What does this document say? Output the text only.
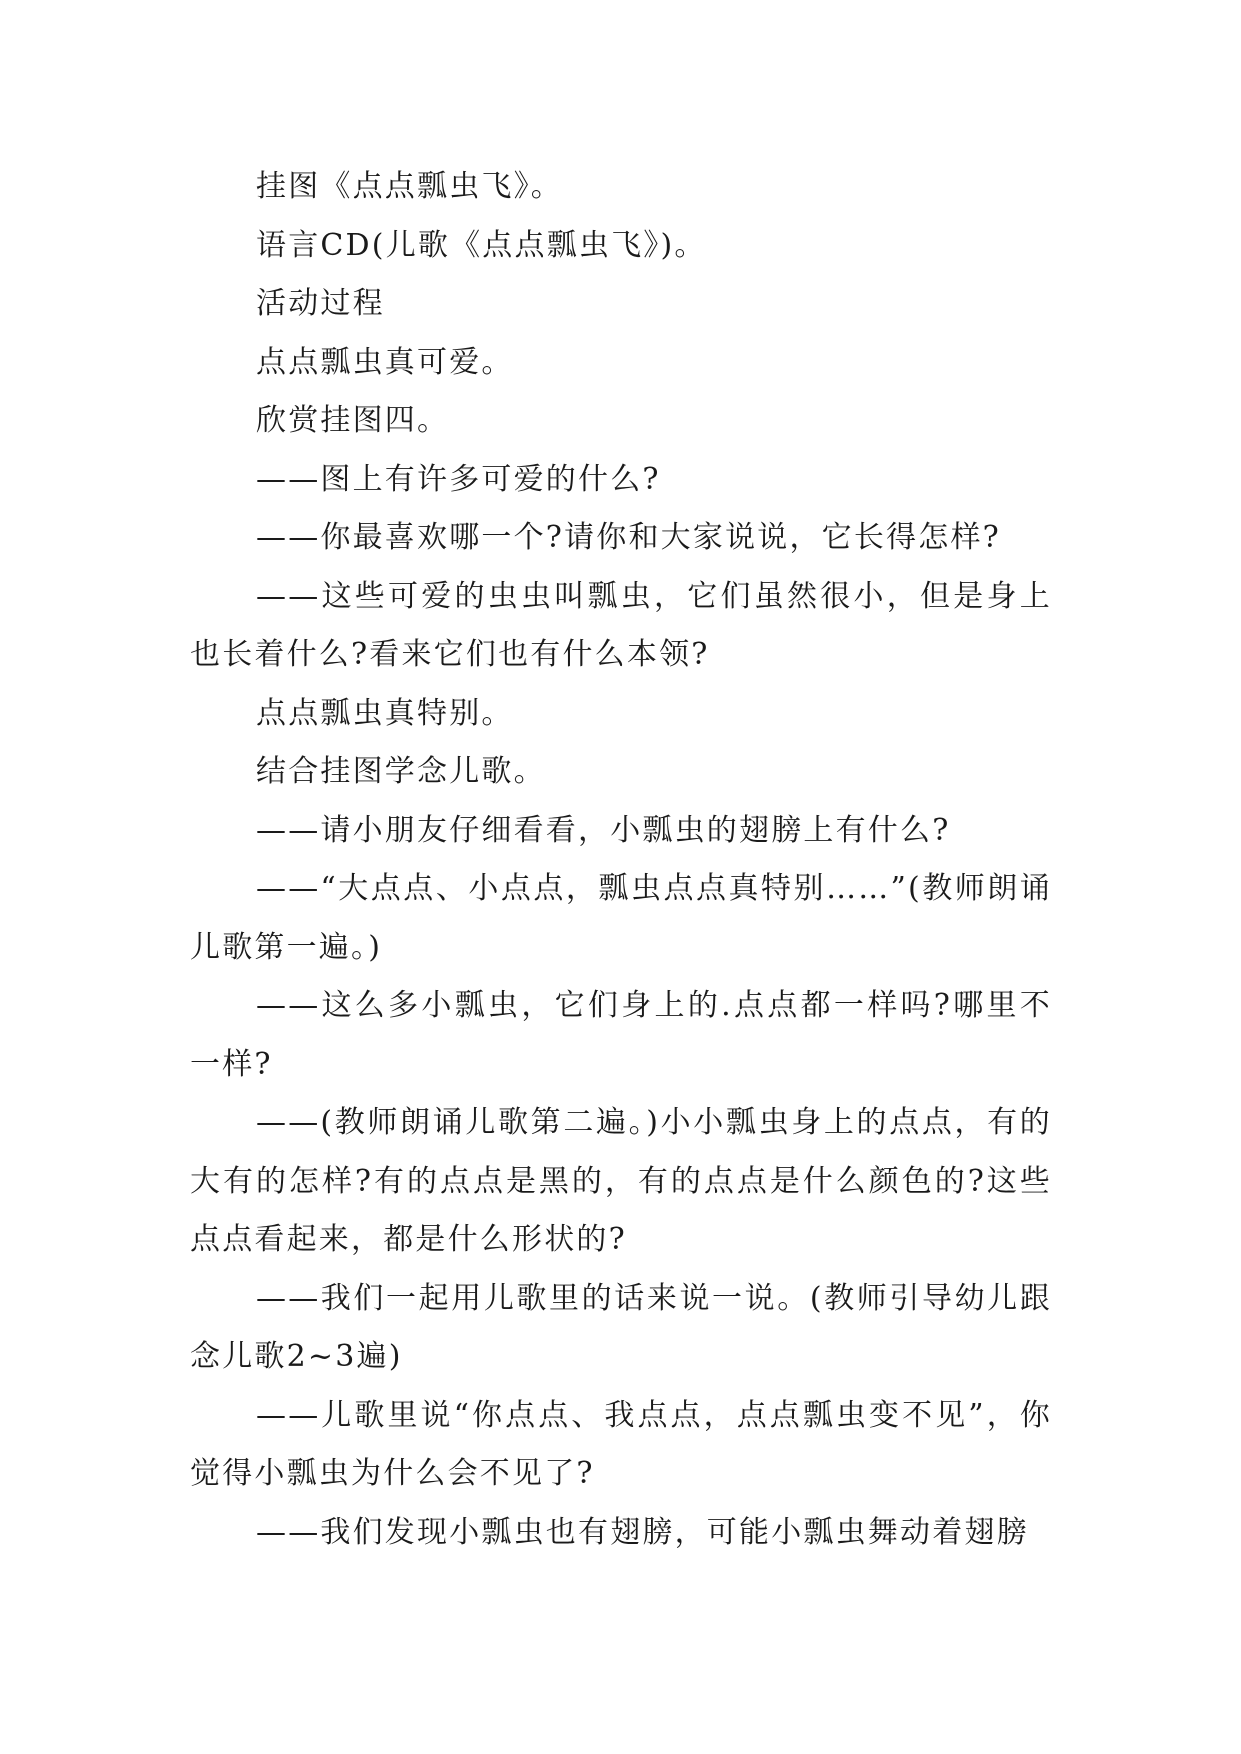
挂图《点点瓢虫飞》。

语言CD(儿歌《点点瓢虫飞》)。

活动过程

点点瓢虫真可爱。

欣赏挂图四。

——图上有许多可爱的什么?

——你最喜欢哪一个?请你和大家说说，它长得怎样?

——这些可爱的虫虫叫瓢虫，它们虽然很小，但是身上也长着什么?看来它们也有什么本领?

点点瓢虫真特别。

结合挂图学念儿歌。

——请小朋友仔细看看，小瓢虫的翅膀上有什么?

——“大点点、小点点，瓢虫点点真特别……”(教师朗诵儿歌第一遍。)

——这么多小瓢虫，它们身上的.点点都一样吗?哪里不一样?

——(教师朗诵儿歌第二遍。)小小瓢虫身上的点点，有的大有的怎样?有的点点是黑的，有的点点是什么颜色的?这些点点看起来，都是什么形状的?

——我们一起用儿歌里的话来说一说。(教师引导幼儿跟念儿歌2~3遍)

——儿歌里说“你点点、我点点，点点瓢虫变不见”，你觉得小瓢虫为什么会不见了?

——我们发现小瓢虫也有翅膀，可能小瓢虫舞动着翅膀
